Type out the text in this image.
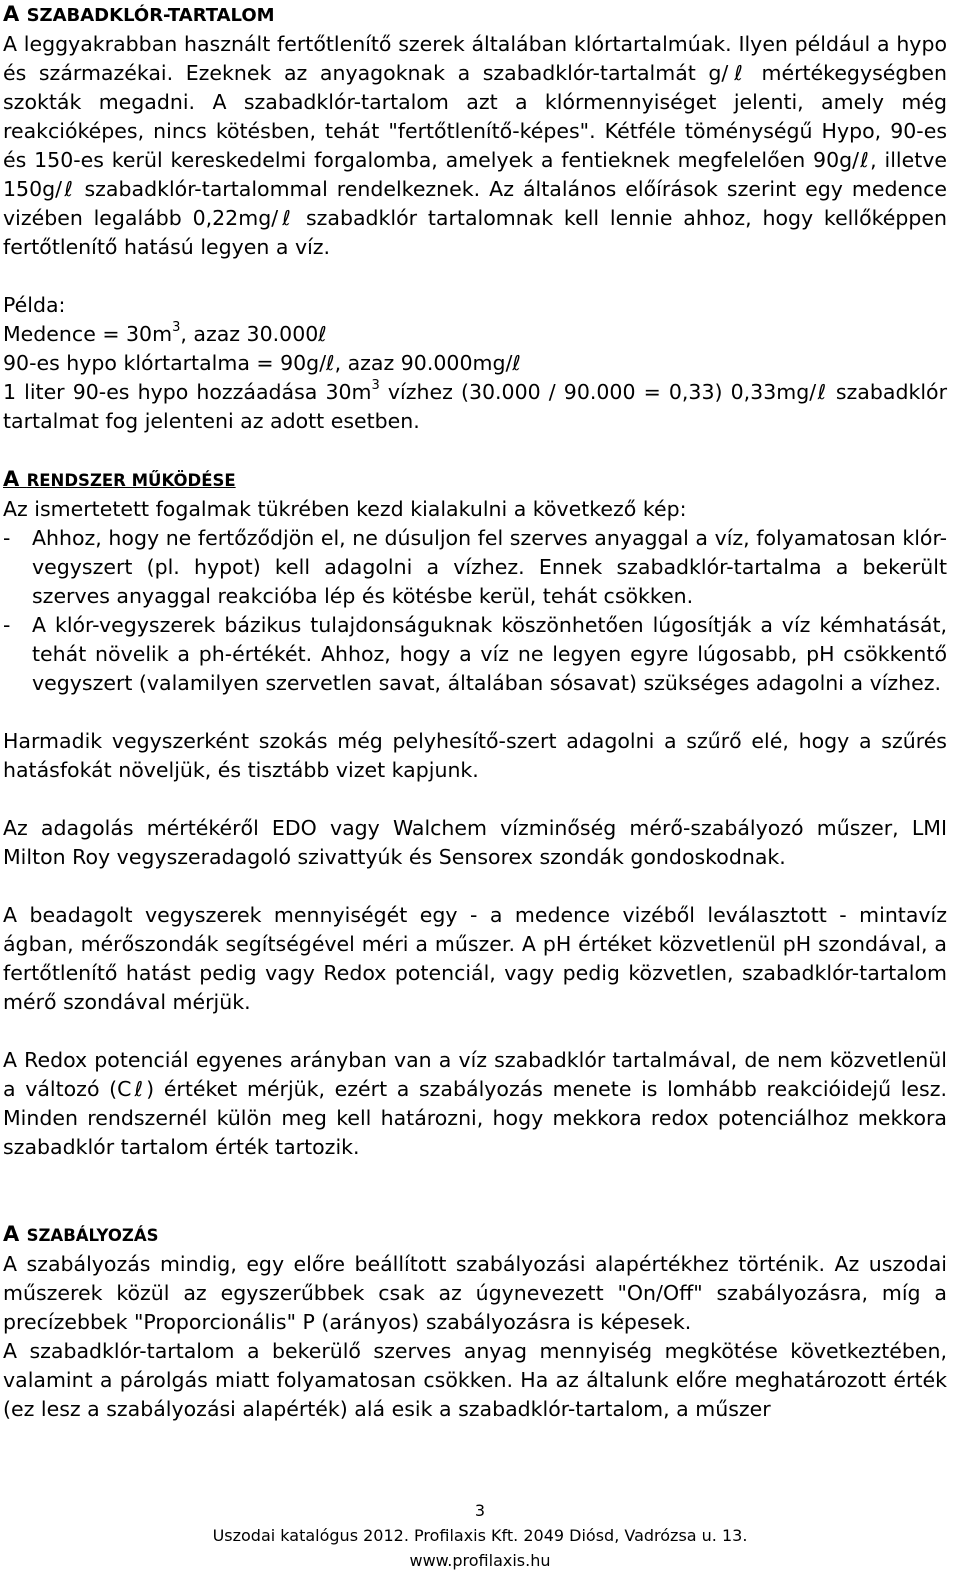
A SZABADKLÓR-TARTALOM

A leggyakrabban használt fertőtlenítő szerek általában klórtartalmúak. Ilyen például a hypo és származékai. Ezeknek az anyagoknak a szabadklór-tartalmát g/ℓ mértékegységben szokták megadni. A szabadklór-tartalom azt a klórmennyiséget jelenti, amely még reakcióképes, nincs kötésben, tehát "fertőtlenítő-képes". Kétféle töménységű Hypo, 90-es és 150-es kerül kereskedelmi forgalomba, amelyek a fentieknek megfelelően 90g/ℓ, illetve 150g/ℓ szabadklór-tartalommal rendelkeznek. Az általános előírások szerint egy medence vizében legalább 0,22mg/ℓ szabadklór tartalomnak kell lennie ahhoz, hogy kellőképpen fertőtlenítő hatású legyen a víz.

Példa:

Medence = $30m^3$, azaz 30.000ℓ

90-es hypo klórtartalma = 90g/ℓ, azaz 90.000mg/ℓ

1 liter 90-es hypo hozzáadása $30m^3$ vízhez (30.000 / 90.000 = 0,33) 0,33mg/ℓ szabadklór tartalmat fog jelenteni az adott esetben.

A RENDSZER MŰKÖDÉSE

Az ismertetett fogalmak tükrében kezd kialakulni a következő kép:

-	Ahhoz, hogy ne fertőződjön el, ne dúsuljon fel szerves anyaggal a víz, folyamatosan klór-vegyszert (pl. hypot) kell adagolni a vízhez. Ennek szabadklór-tartalma a bekerült szerves anyaggal reakcióba lép és kötésbe kerül, tehát csökken.
-	A klór-vegyszerek bázikus tulajdonságuknak köszönhetően lúgosítják a víz kémhatását, tehát növelik a ph-értékét. Ahhoz, hogy a víz ne legyen egyre lúgosabb, pH csökkentő vegyszert (valamilyen szervetlen savat, általában sósavat) szükséges adagolni a vízhez.

Harmadik vegyszerként szokás még pelyhesítő-szert adagolni a szűrő elé, hogy a szűrés hatásfokát növeljük, és tisztább vizet kapjunk.

Az adagolás mértékéről EDO vagy Walchem vízminőség mérő-szabályozó műszer, LMI Milton Roy vegyszeradagoló szivattyúk és Sensorex szondák gondoskodnak.

A beadagolt vegyszerek mennyiségét egy - a medence vizéből leválasztott - mintavíz ágban, mérőszondák segítségével méri a műszer. A pH értéket közvetlenül pH szondával, a fertőtlenítő hatást pedig vagy Redox potenciál, vagy pedig közvetlen, szabadklór-tartalom mérő szondával mérjük.

A Redox potenciál egyenes arányban van a víz szabadklór tartalmával, de nem közvetlenül a változó (Cℓ) értéket mérjük, ezért a szabályozás menete is lomhább reakcióidejű lesz. Minden rendszernél külön meg kell határozni, hogy mekkora redox potenciálhoz mekkora szabadklór tartalom érték tartozik.

A SZABÁLYOZÁS

A szabályozás mindig, egy előre beállított szabályozási alapértékhez történik. Az uszodai műszerek közül az egyszerűbbek csak az úgynevezett "On/Off" szabályozásra, míg a precízebbek "Proporcionális" P (arányos) szabályozásra is képesek.

A szabadklór-tartalom a bekerülő szerves anyag mennyiség megkötése következtében, valamint a párolgás miatt folyamatosan csökken. Ha az általunk előre meghatározott érték (ez lesz a szabályozási alapérték) alá esik a szabadklór-tartalom, a műszer

3
Uszodai katalógus 2012. Profilaxis Kft. 2049 Diósd, Vadrózsa u. 13.
www.profilaxis.hu
